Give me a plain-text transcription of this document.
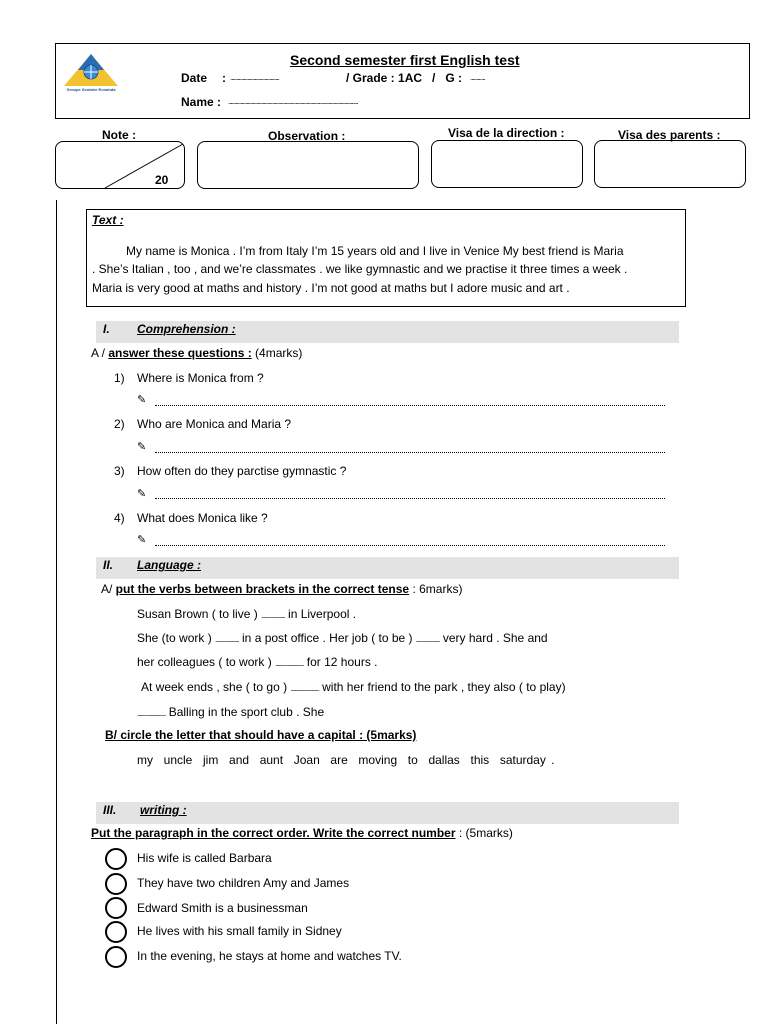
Groupe Scolaire Ennahda
Second semester first English test
Date : ........................................	/ Grade : 1AC   /   G : ............
Name : ..........................................................................................................
Note :	Observation :	Visa de la direction :	Visa des parents :
20
Text :
My name is Monica . I’m from Italy I’m 15 years old and I live in Venice My best friend is Maria
. She’s Italian , too , and we’re classmates . we like gymnastic and we practise it three times a week .
Maria is very good at maths and history . I’m not good at maths but I adore music and art .
I. Comprehension :
A / answer these questions : (4marks)
1) Where is Monica from ?
✎
2) Who are Monica and Maria ?
✎
3) How often do they parctise gymnastic ?
✎
4) What does Monica like ?
✎
II. Language :
A/ put the verbs between brackets in the correct tense : 6marks)
Susan Brown ( to live ) ......................... in Liverpool .
She (to work ) ......................... in a post office . Her job ( to be ) ......................... very hard . She and
her colleagues ( to work ) .............................. for 12 hours .
At week ends , she ( to go ) .............................. with her friend to the park , they also ( to play)
.............................. Balling in the sport club . She
B/ circle the letter that should have a capital : (5marks)
my  uncle  jim  and  aunt  Joan  are  moving  to  dallas  this  saturday .
III. writing :
Put the paragraph in the correct order. Write the correct number : (5marks)
His wife is called Barbara
They have two children Amy and James
Edward Smith is a businessman
He lives with his small family in Sidney
In the evening, he stays at home and watches TV.
